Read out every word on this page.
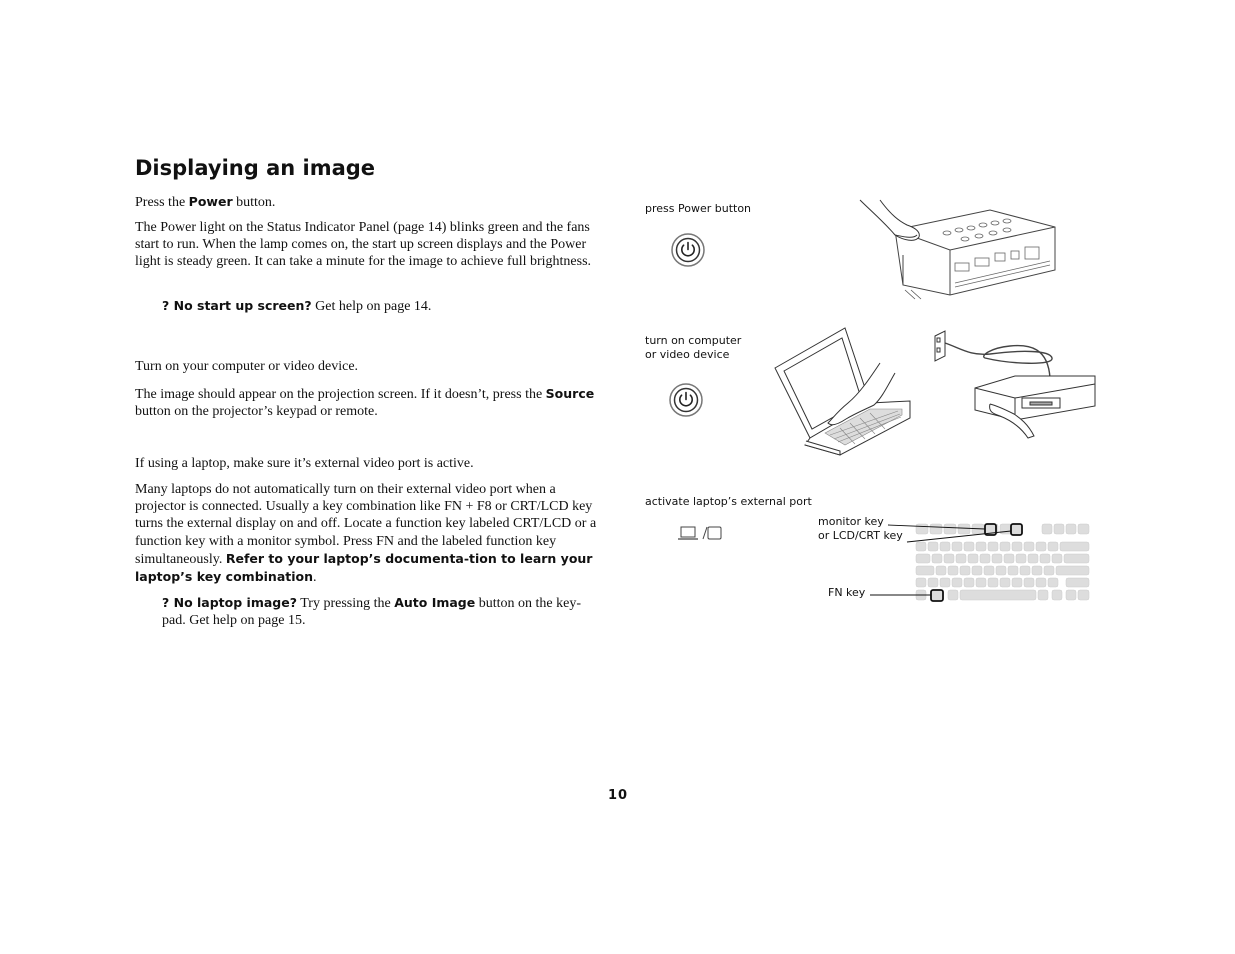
Displaying an image

Press the Power button.

The Power light on the Status Indicator Panel (page 14) blinks green and the fans start to run. When the lamp comes on, the start up screen displays and the Power light is steady green. It can take a minute for the image to achieve full brightness.

? No start up screen? Get help on page 14.

Turn on your computer or video device.

The image should appear on the projection screen. If it doesn’t, press the Source button on the projector’s keypad or remote.

If using a laptop, make sure it’s external video port is active.

Many laptops do not automatically turn on their external video port when a projector is connected. Usually a key combination like FN + F8 or CRT/LCD key turns the external display on and off. Locate a function key labeled CRT/LCD or a function key with a monitor symbol. Press FN and the labeled function key simultaneously. Refer to your laptop’s documenta-tion to learn your laptop’s key combination.

? No laptop image? Try pressing the Auto Image button on the key-pad. Get help on page 15.

press Power button
turn on computer
or video device
activate laptop’s external port
monitor key
or LCD/CRT key
FN key
10
